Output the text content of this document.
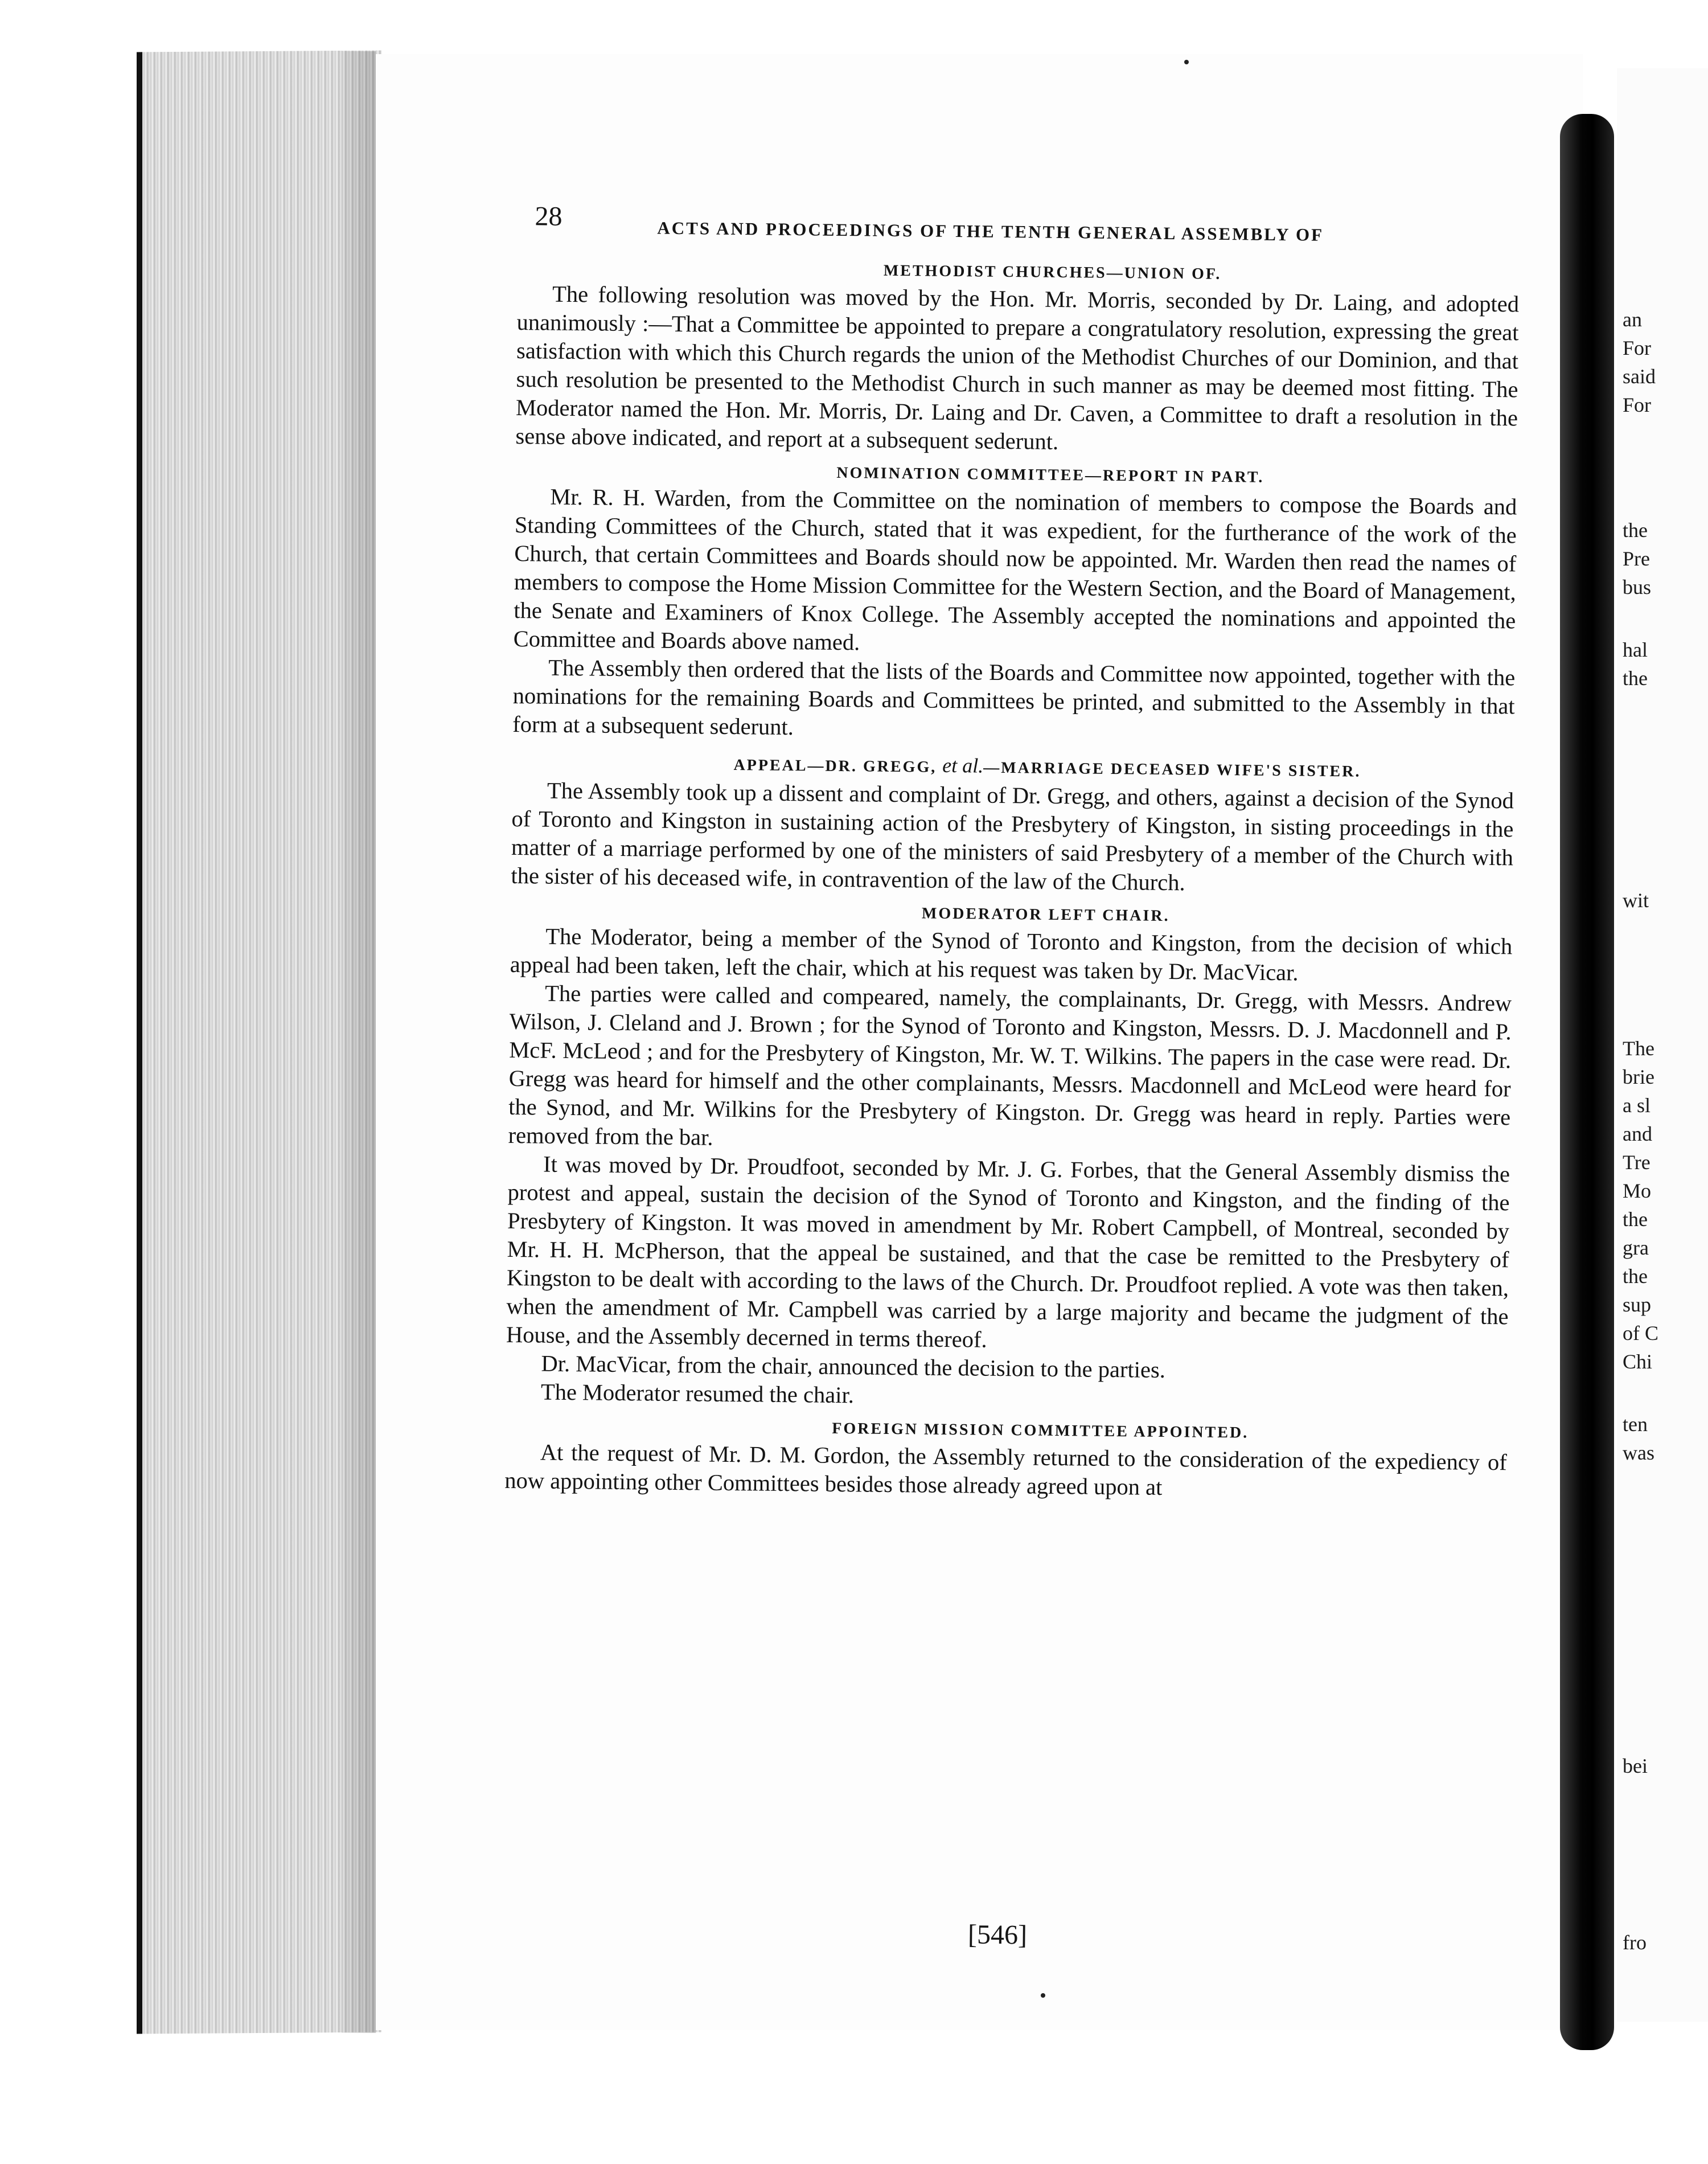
an
For
said
For
the
Pre
bus
hal
the
wit
The
brie
a sl
and
Tre
Mo
the
gra
the
sup
of C
Chi
ten
was
bei
fro
28	ACTS AND PROCEEDINGS OF THE TENTH GENERAL ASSEMBLY OF
METHODIST CHURCHES—UNION OF.

The following resolution was moved by the Hon. Mr. Morris, seconded by Dr. Laing, and adopted unanimously :—That a Committee be appointed to prepare a congratulatory resolution, expressing the great satisfaction with which this Church regards the union of the Methodist Churches of our Dominion, and that such resolution be presented to the Methodist Church in such manner as may be deemed most fitting. The Moderator named the Hon. Mr. Morris, Dr. Laing and Dr. Caven, a Committee to draft a resolution in the sense above indicated, and report at a subsequent sederunt.

NOMINATION COMMITTEE—REPORT IN PART.

Mr. R. H. Warden, from the Committee on the nomination of members to compose the Boards and Standing Committees of the Church, stated that it was expedient, for the furtherance of the work of the Church, that certain Committees and Boards should now be appointed. Mr. Warden then read the names of members to compose the Home Mission Committee for the Western Section, and the Board of Management, the Senate and Examiners of Knox College. The Assembly accepted the nominations and appointed the Committee and Boards above named.

The Assembly then ordered that the lists of the Boards and Committee now appointed, together with the nominations for the remaining Boards and Committees be printed, and submitted to the Assembly in that form at a subsequent sederunt.

APPEAL—DR. GREGG, et al.—MARRIAGE DECEASED WIFE'S SISTER.

The Assembly took up a dissent and complaint of Dr. Gregg, and others, against a decision of the Synod of Toronto and Kingston in sustaining action of the Presbytery of Kingston, in sisting proceedings in the matter of a marriage performed by one of the ministers of said Presbytery of a member of the Church with the sister of his deceased wife, in contravention of the law of the Church.

MODERATOR LEFT CHAIR.

The Moderator, being a member of the Synod of Toronto and Kingston, from the decision of which appeal had been taken, left the chair, which at his request was taken by Dr. MacVicar.

The parties were called and compeared, namely, the complainants, Dr. Gregg, with Messrs. Andrew Wilson, J. Cleland and J. Brown ; for the Synod of Toronto and Kingston, Messrs. D. J. Macdonnell and P. McF. McLeod ; and for the Presbytery of Kingston, Mr. W. T. Wilkins. The papers in the case were read. Dr. Gregg was heard for himself and the other complainants, Messrs. Macdonnell and McLeod were heard for the Synod, and Mr. Wilkins for the Presbytery of Kingston. Dr. Gregg was heard in reply. Parties were removed from the bar.

It was moved by Dr. Proudfoot, seconded by Mr. J. G. Forbes, that the General Assembly dismiss the protest and appeal, sustain the decision of the Synod of Toronto and Kingston, and the finding of the Presbytery of Kingston. It was moved in amendment by Mr. Robert Campbell, of Montreal, seconded by Mr. H. H. McPherson, that the appeal be sustained, and that the case be remitted to the Presbytery of Kingston to be dealt with according to the laws of the Church. Dr. Proudfoot replied. A vote was then taken, when the amendment of Mr. Campbell was carried by a large majority and became the judgment of the House, and the Assembly decerned in terms thereof.

Dr. MacVicar, from the chair, announced the decision to the parties.

The Moderator resumed the chair.

FOREIGN MISSION COMMITTEE APPOINTED.

At the request of Mr. D. M. Gordon, the Assembly returned to the consideration of the expediency of now appointing other Committees besides those already agreed upon at

[546]
